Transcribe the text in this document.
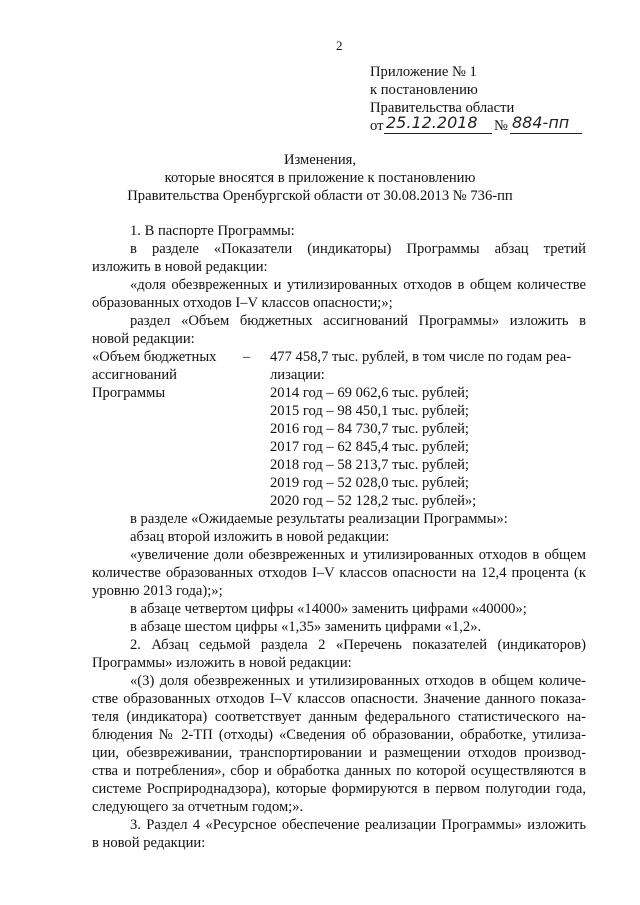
2
Приложение № 1
к постановлению
Правительства области
от 25.12.2018 № 884-пп
Изменения,
которые вносятся в приложение к постановлению
Правительства Оренбургской области от 30.08.2013 № 736-пп
1. В паспорте Программы:
в разделе «Показатели (индикаторы) Программы абзац третий
изложить в новой редакции:
«доля обезвреженных и утилизированных отходов в общем количестве
образованных отходов I–V классов опасности;»;
раздел «Объем бюджетных ассигнований Программы» изложить в
новой редакции:
«Объем бюджетных –
ассигнований
Программы
477 458,7 тыс. рублей, в том числе по годам реа-
лизации:
2014 год – 69 062,6 тыс. рублей;
2015 год – 98 450,1 тыс. рублей;
2016 год – 84 730,7 тыс. рублей;
2017 год – 62 845,4 тыс. рублей;
2018 год – 58 213,7 тыс. рублей;
2019 год – 52 028,0 тыс. рублей;
2020 год – 52 128,2 тыс. рублей»;
в разделе «Ожидаемые результаты реализации Программы»:
абзац второй изложить в новой редакции:
«увеличение доли обезвреженных и утилизированных отходов в общем
количестве образованных отходов I–V классов опасности на 12,4 процента (к
уровню 2013 года);»;
в абзаце четвертом цифры «14000» заменить цифрами «40000»;
в абзаце шестом цифры «1,35» заменить цифрами «1,2».
2. Абзац седьмой раздела 2 «Перечень показателей (индикаторов)
Программы» изложить в новой редакции:
«(3) доля обезвреженных и утилизированных отходов в общем количе-
стве образованных отходов I–V классов опасности. Значение данного показа-
теля (индикатора) соответствует данным федерального статистического на-
блюдения № 2-ТП (отходы) «Сведения об образовании, обработке, утилиза-
ции, обезвреживании, транспортировании и размещении отходов производ-
ства и потребления», сбор и обработка данных по которой осуществляются в
системе Росприроднадзора), которые формируются в первом полугодии года,
следующего за отчетным годом;».
3. Раздел 4 «Ресурсное обеспечение реализации Программы» изложить
в новой редакции:
